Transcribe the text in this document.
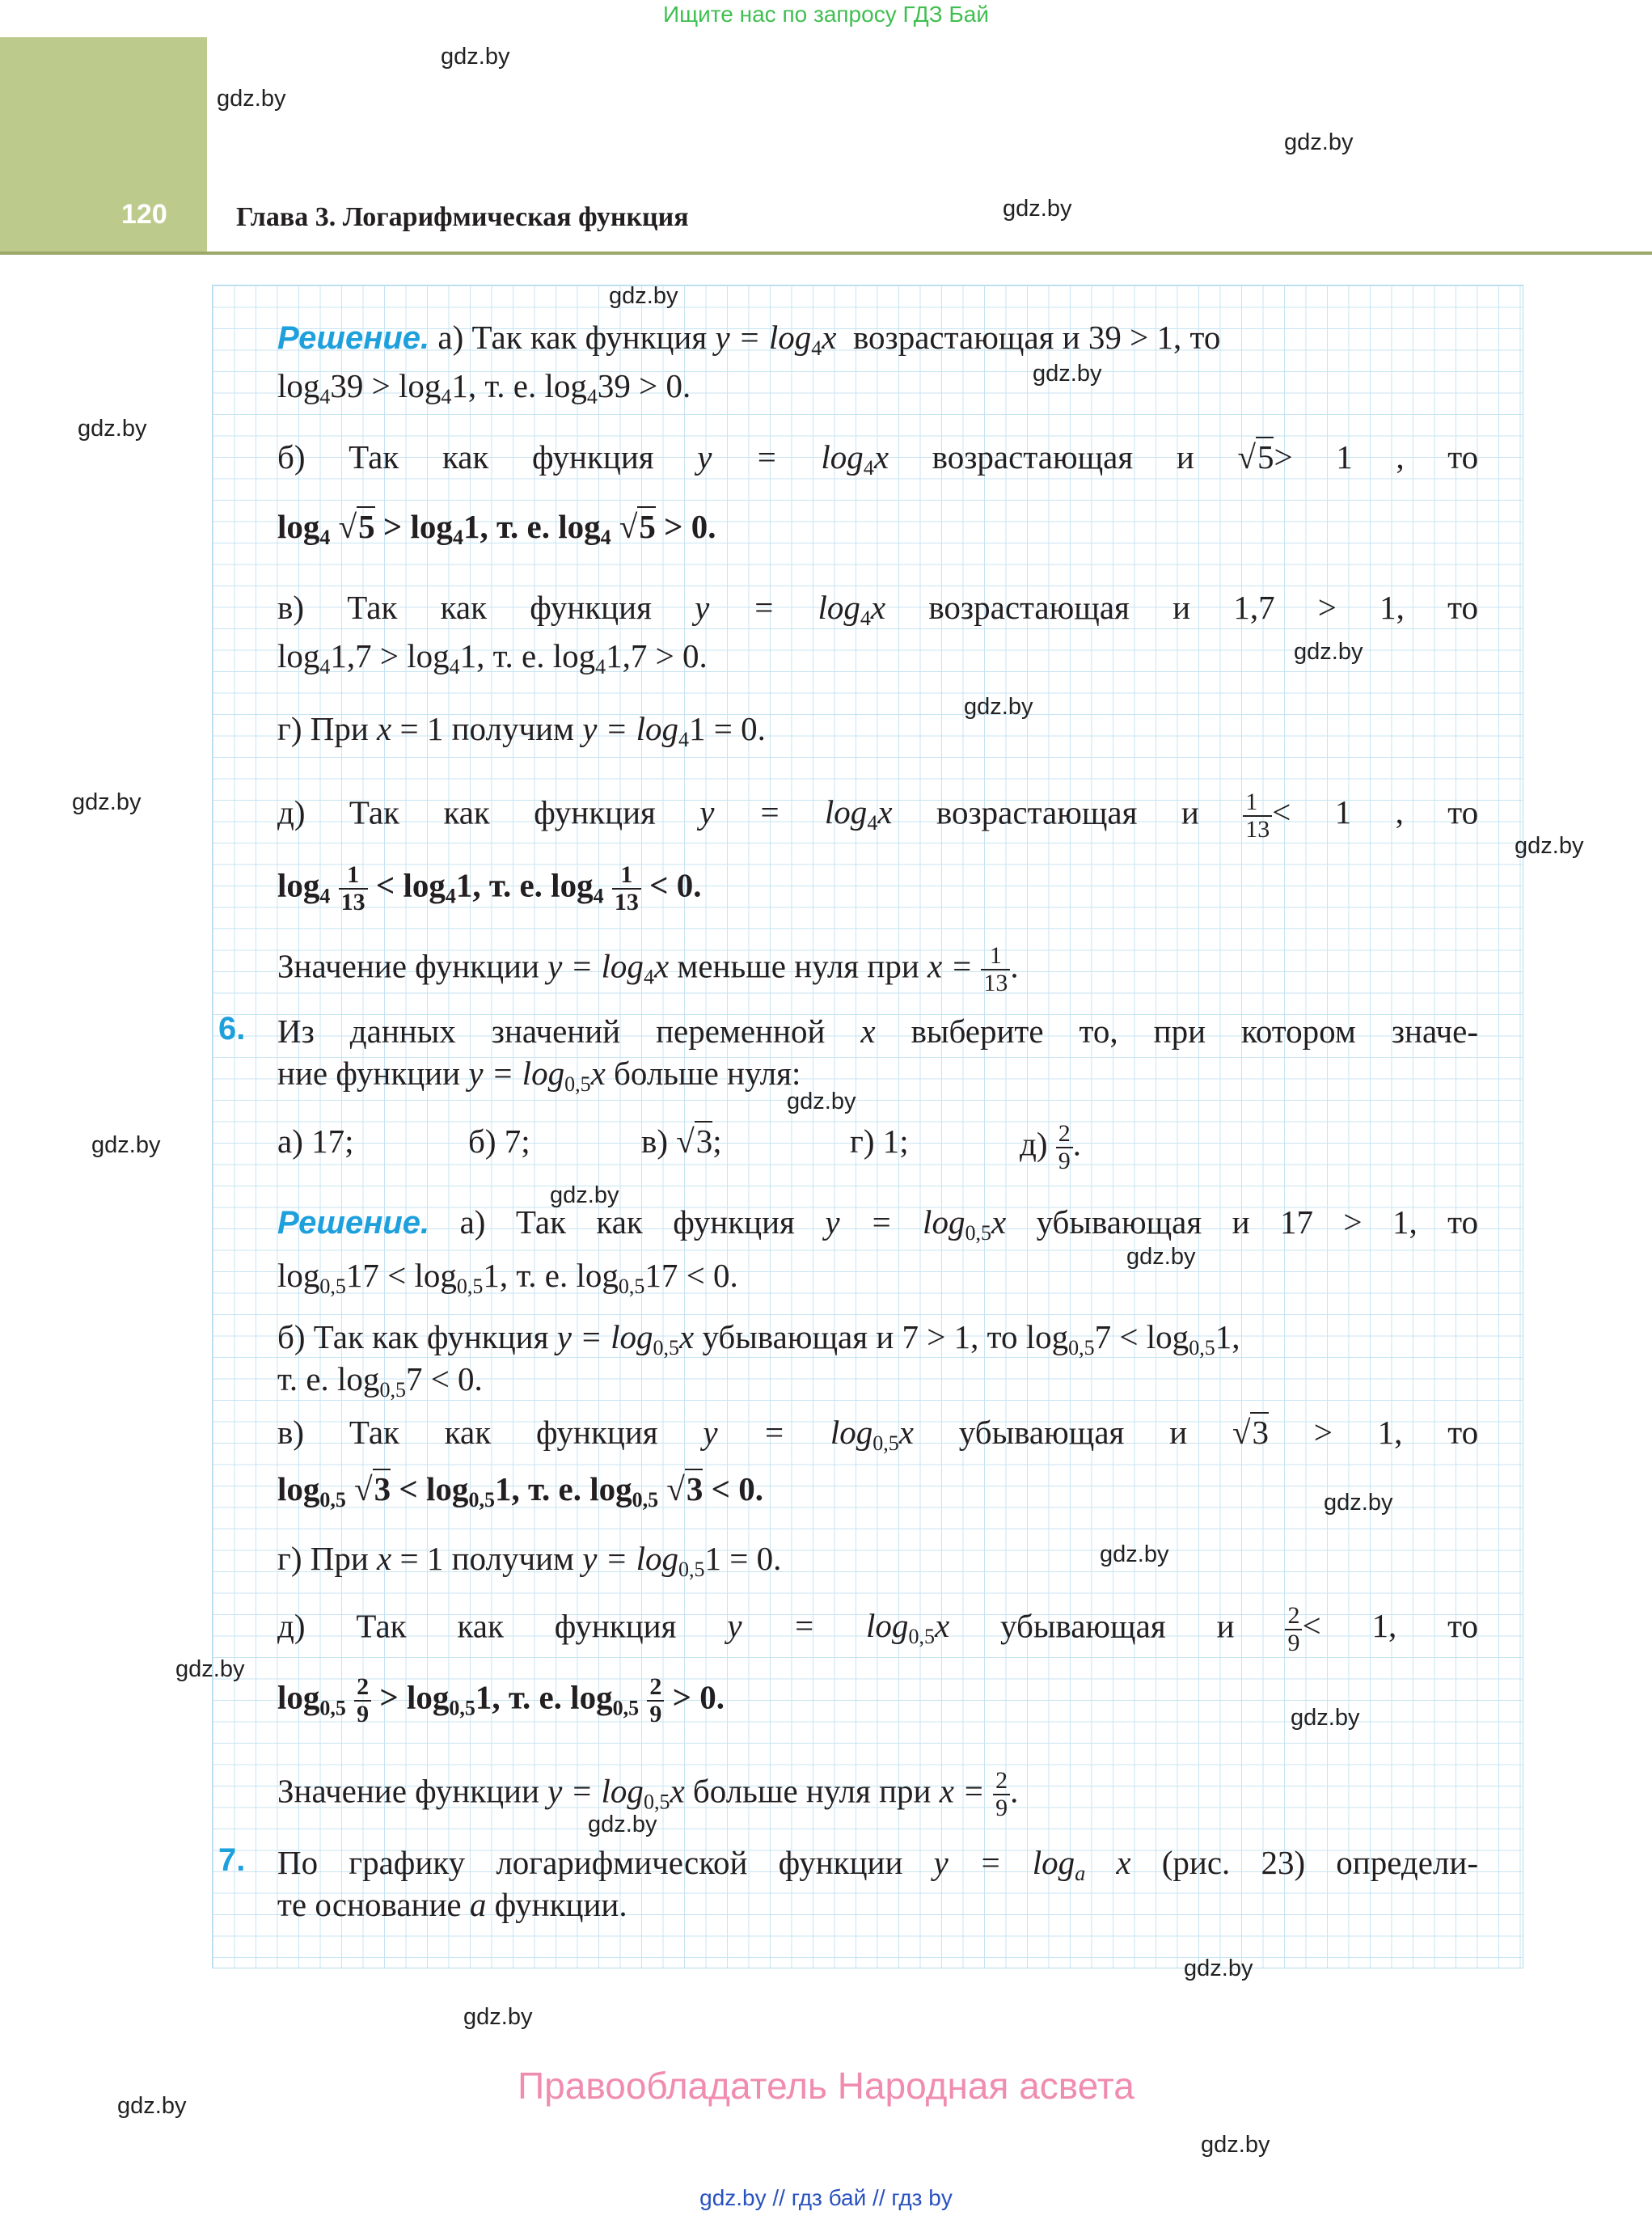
Ищите нас по запросу ГДЗ Бай
120	Глава 3. Логарифмическая функция
gdz.by
gdz.by
gdz.by
gdz.by
gdz.by
gdz.by
gdz.by
gdz.by
gdz.by
gdz.by
gdz.by
gdz.by
gdz.by
gdz.by
gdz.by
gdz.by
gdz.by
gdz.by
gdz.by
gdz.by
gdz.by
gdz.by
gdz.by
gdz.by
Решение. а) Так как функция $y = \log_4x$ возрастающая и 39 > 1, то
$\log_439 > \log_41$, т. е. $\log_439 > 0$.
б) Так как функция $y = \log_4x$ возрастающая и √5> 1 , то
$\log_4 √5 > \log_41$, т. е. $\log_4 √5 > 0$.
в) Так как функция $y = \log_4x$ возрастающая и 1,7 > 1, то
$\log_41,7 > \log_41$, т. е. $\log_41,7 > 0$.
г) При x = 1 получим $y = \log_41 = 0$.
д) Так как функция $y = \log_4x$ возрастающая и $\frac{1}{13} < 1$ , то
$\log_4 \frac{1}{13} < \log_41$, т. е. $\log_4 \frac{1}{13} < 0$.
Значение функции $y = \log_4x$ меньше нуля при $x = \frac{1}{13}$ .
6. Из данных значений переменной x выберите то, при котором значе-
ние функции $y = \log_{0,5}x$ больше нуля:
а) 17;	б) 7;	в) √3;	г) 1;	$д) \frac{2}{9}$ .
Решение. а) Так как функция $y = \log_{0,5}x$ убывающая и 17 > 1, то
$\log_{0,5}17 < \log_{0,5}1$, т. е. $\log_{0,5}17 < 0$.
б) Так как функция $y = \log_{0,5}x$ убывающая и 7 > 1, то $\log_{0,5}7 < \log_{0,5}1$,
т. е. $\log_{0,5}7 < 0$.
в) Так как функция $y = \log_{0,5}x$ убывающая и √3 > 1, то
$\log_{0,5} √3 < \log_{0,5}1$, т. е. $\log_{0,5} √3 < 0$.
г) При x = 1 получим $y = \log_{0,5}1 = 0$.
д) Так как функция $y = \log_{0,5}x$ убывающая и $\frac{2}{9} < 1$, то
$\log_{0,5} \frac{2}{9} > \log_{0,5}1$, т. е. $\log_{0,5} \frac{2}{9} > 0$.
Значение функции $y = \log_{0,5}x$ больше нуля при $x = \frac{2}{9}$ .
7. По графику логарифмической функции $y = \log_a x$ (рис. 23) определи-
те основание a функции.
Правообладатель Народная асвета
gdz.by // гдз бай // гдз by
